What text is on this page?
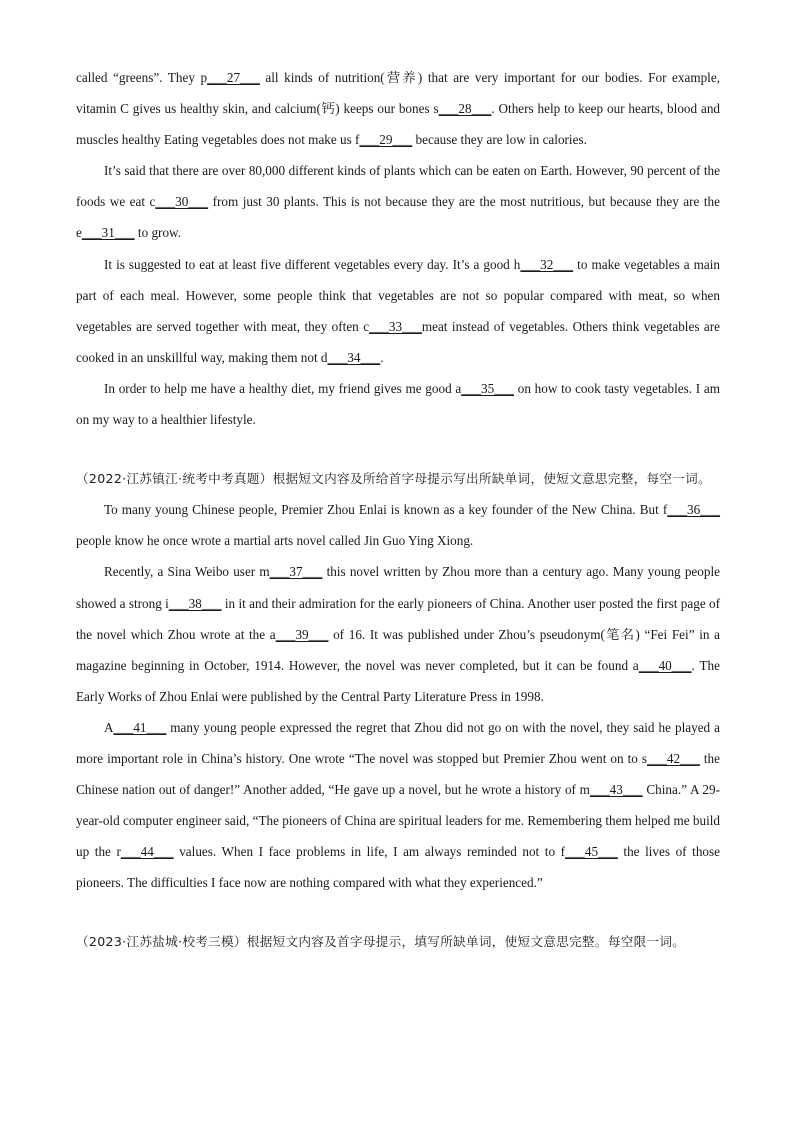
called “greens”. They p___27___ all kinds of nutrition(营养) that are very important for our bodies. For example, vitamin C gives us healthy skin, and calcium(钙) keeps our bones s___28___. Others help to keep our hearts, blood and muscles healthy Eating vegetables does not make us f___29___ because they are low in calories.

It’s said that there are over 80,000 different kinds of plants which can be eaten on Earth. However, 90 percent of the foods we eat c___30___ from just 30 plants. This is not because they are the most nutritious, but because they are the e___31___ to grow.

It is suggested to eat at least five different vegetables every day. It’s a good h___32___ to make vegetables a main part of each meal. However, some people think that vegetables are not so popular compared with meat, so when vegetables are served together with meat, they often c___33___meat instead of vegetables. Others think vegetables are cooked in an unskillful way, making them not d___34___.

In order to help me have a healthy diet, my friend gives me good a___35___ on how to cook tasty vegetables. I am on my way to a healthier lifestyle.

（2022·江苏镇江·统考中考真题）根据短文内容及所给首字母提示写出所缺单词，使短文意思完整，每空一词。

To many young Chinese people, Premier Zhou Enlai is known as a key founder of the New China. But f___36___ people know he once wrote a martial arts novel called Jin Guo Ying Xiong.

Recently, a Sina Weibo user m___37___ this novel written by Zhou more than a century ago. Many young people showed a strong i___38___ in it and their admiration for the early pioneers of China. Another user posted the first page of the novel which Zhou wrote at the a___39___ of 16. It was published under Zhou’s pseudonym(笔名) “Fei Fei” in a magazine beginning in October, 1914. However, the novel was never completed, but it can be found a___40___. The Early Works of Zhou Enlai were published by the Central Party Literature Press in 1998.

A___41___ many young people expressed the regret that Zhou did not go on with the novel, they said he played a more important role in China’s history. One wrote “The novel was stopped but Premier Zhou went on to s___42___ the Chinese nation out of danger!” Another added, “He gave up a novel, but he wrote a history of m___43___ China.” A 29-year-old computer engineer said, “The pioneers of China are spiritual leaders for me. Remembering them helped me build up the r___44___ values. When I face problems in life, I am always reminded not to f___45___ the lives of those pioneers. The difficulties I face now are nothing compared with what they experienced.”

（2023·江苏盐城·校考三模）根据短文内容及首字母提示，填写所缺单词，使短文意思完整。每空限一词。
